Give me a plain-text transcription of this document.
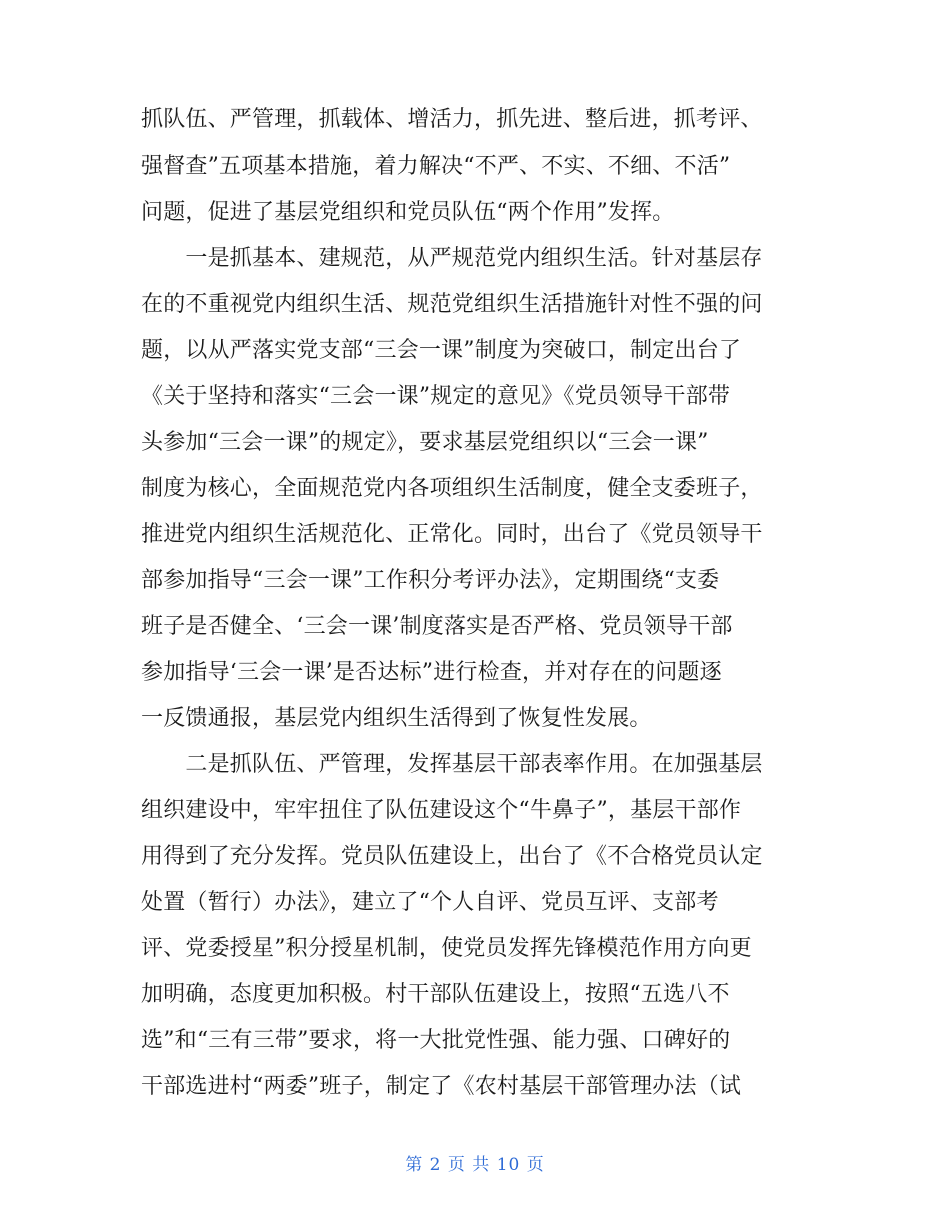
抓队伍、严管理，抓载体、增活力，抓先进、整后进，抓考评、
强督查”五项基本措施，着力解决“不严、不实、不细、不活”
问题，促进了基层党组织和党员队伍“两个作用”发挥。
　　一是抓基本、建规范，从严规范党内组织生活。针对基层存
在的不重视党内组织生活、规范党组织生活措施针对性不强的问
题，以从严落实党支部“三会一课”制度为突破口，制定出台了
《关于坚持和落实“三会一课”规定的意见》《党员领导干部带
头参加“三会一课”的规定》，要求基层党组织以“三会一课”
制度为核心，全面规范党内各项组织生活制度，健全支委班子，
推进党内组织生活规范化、正常化。同时，出台了《党员领导干
部参加指导“三会一课”工作积分考评办法》，定期围绕“支委
班子是否健全、‘三会一课’制度落实是否严格、党员领导干部
参加指导‘三会一课’是否达标”进行检查，并对存在的问题逐
一反馈通报，基层党内组织生活得到了恢复性发展。
　　二是抓队伍、严管理，发挥基层干部表率作用。在加强基层
组织建设中，牢牢扭住了队伍建设这个“牛鼻子”，基层干部作
用得到了充分发挥。党员队伍建设上，出台了《不合格党员认定
处置（暂行）办法》，建立了“个人自评、党员互评、支部考
评、党委授星”积分授星机制，使党员发挥先锋模范作用方向更
加明确，态度更加积极。村干部队伍建设上，按照“五选八不
选”和“三有三带”要求，将一大批党性强、能力强、口碑好的
干部选进村“两委”班子，制定了《农村基层干部管理办法（试
第 2 页 共 10 页
